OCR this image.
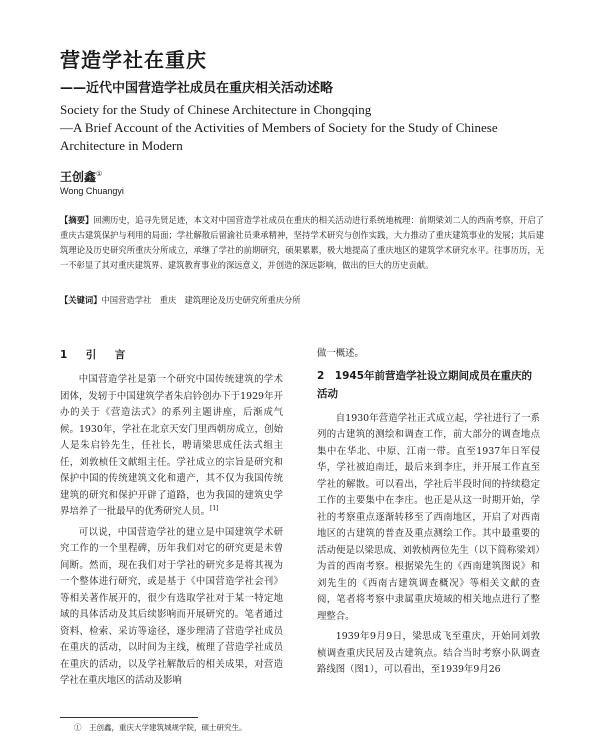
营造学社在重庆
——近代中国营造学社成员在重庆相关活动述略
Society for the Study of Chinese Architecture in Chongqing
—A Brief Account of the Activities of Members of Society for the Study of Chinese Architecture in Modern
王创鑫①
Wong Chuangyi
【摘要】回溯历史，追寻先贤足迹，本文对中国营造学社成员在重庆的相关活动进行系统地梳理：前期梁刘二人的西南考察，开启了重庆古建筑保护与利用的局面；学社解散后留渝社员秉承精神，坚持学术研究与创作实践，大力推动了重庆建筑事业的发展；其后建筑理论及历史研究所重庆分所成立，承继了学社的前期研究，硕果累累，极大地提高了重庆地区的建筑学术研究水平。往事历历，无一不彰显了其对重庆建筑界、建筑教育事业的深远意义，并创造的深远影响，做出的巨大的历史贡献。
【关键词】中国营造学社　重庆　建筑理论及历史研究所重庆分所
1　引　言

中国营造学社是第一个研究中国传统建筑的学术团体，发轫于中国建筑学者朱启钤创办下于1929年开办的关于《营造法式》的系列主题讲座，后渐成气候。1930年，学社在北京天安门里西朝房成立，创始人是朱启钤先生，任社长，聘请梁思成任法式组主任，刘敦桢任文献组主任。学社成立的宗旨是研究和保护中国的传统建筑文化和遗产，其不仅为我国传统建筑的研究和保护开辟了道路，也为我国的建筑史学界培养了一批最早的优秀研究人员。[1]

可以说，中国营造学社的建立是中国建筑学术研究工作的一个里程碑，历年我们对它的研究更是未曾间断。然而，现在我们对于学社的研究多是将其视为一个整体进行研究，或是基于《中国营造学社会刊》等相关著作展开的，很少有选取学社对于某一特定地域的具体活动及其后续影响而开展研究的。笔者通过资料、检索、采访等途径，逐步理清了营造学社成员在重庆的活动，以时间为主线，梳理了营造学社成员在重庆的活动，以及学社解散后的相关成果，对营造学社在重庆地区的活动及影响

做一概述。

2　1945年前营造学社设立期间成员在重庆的活动

自1930年营造学社正式成立起，学社进行了一系列的古建筑的测绘和调查工作，前大部分的调查地点集中在华北、中原、江南一带。直至1937年日军侵华，学社被迫南迁，最后来到李庄，并开展工作直至学社的解散。可以看出，学社后半段时间的持续稳定工作的主要集中在李庄。也正是从这一时期开始，学社的考察重点逐渐转移至了西南地区，开启了对西南地区的古建筑的普查及重点测绘工作。其中最重要的活动便是以梁思成、刘敦桢两位先生（以下简称梁刘）为首的西南考察。根据梁先生的《西南建筑图说》和刘先生的《西南古建筑调查概况》等相关文献的查阅，笔者将考察中隶属重庆境域的相关地点进行了整理整合。

1939年9月9日，梁思成飞至重庆，开始同刘敦桢调查重庆民居及古建筑点。结合当时考察小队调查路线图（图1），可以看出，至1939年9月26

①　王创鑫，重庆大学建筑城规学院，硕士研究生。
